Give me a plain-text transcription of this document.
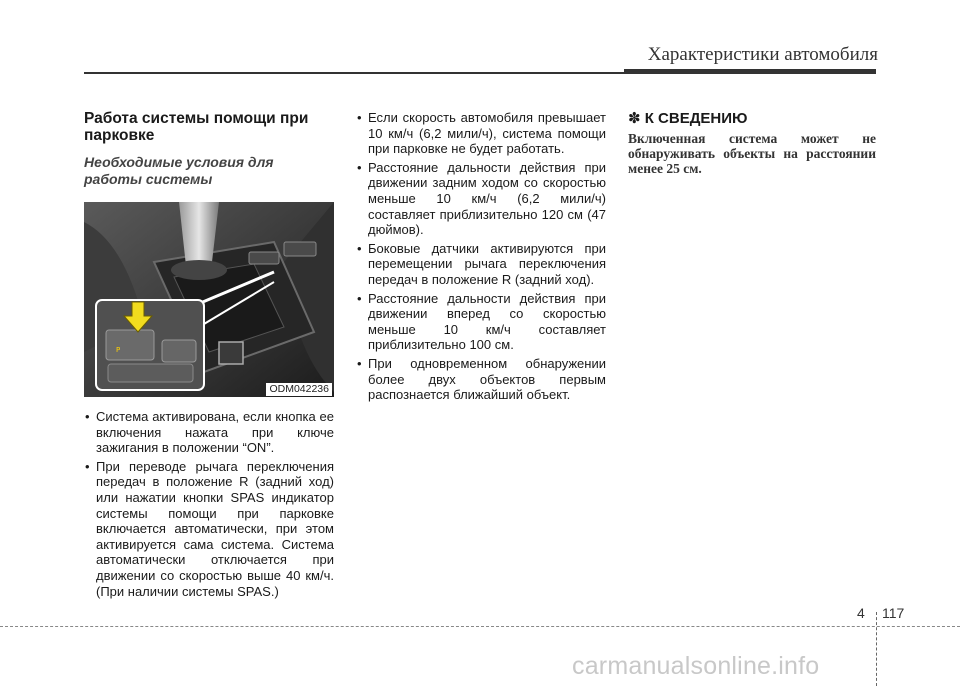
Характеристики автомобиля
Работа системы помощи при парковке
Необходимые условия для работы системы
P
ODM042236
• Система активирована, если кнопка ее включения нажата при ключе зажигания в положении “ON”.
• При переводе рычага переключения передач в положение R (задний ход) или нажатии кнопки SPAS индикатор системы помощи при парковке включается автоматически, при этом активируется сама система. Система автоматически отключается при движении со скоростью выше 40 км/ч. (При наличии системы SPAS.)
• Если скорость автомобиля превышает 10 км/ч (6,2 мили/ч), система помощи при парковке не будет работать.
• Расстояние дальности действия при движении задним ходом со скоростью меньше 10 км/ч (6,2 мили/ч) составляет приблизительно 120 см (47 дюймов).
• Боковые датчики активируются при перемещении рычага переключения передач в положение R (задний ход).
• Расстояние дальности действия при движении вперед со скоростью меньше 10 км/ч составляет приблизительно 100 см.
• При одновременном обнаружении более двух объектов первым распознается ближайший объект.
✽ К СВЕДЕНИЮ
Включенная система может не обнаруживать объекты на расстоянии менее 25 см.
4 117
carmanualsonline.info
